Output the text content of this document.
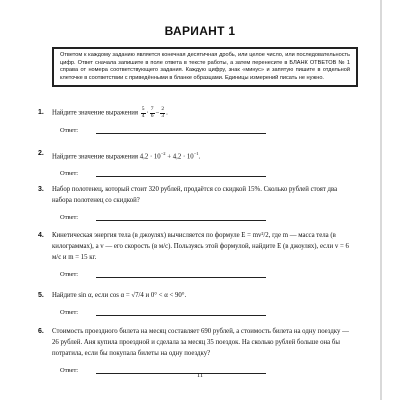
ВАРИАНТ 1
Ответом к каждому заданию является конечная десятичная дробь, или целое число, или последовательность цифр. Ответ сначала запишите в поле ответа в тексте работы, а затем перенесите в БЛАНК ОТВЕТОВ № 1 справа от номера соответствующего задания. Каждую цифру, знак «минус» и запятую пишите в отдельной клеточке в соответствии с приведёнными в бланке образцами. Единицы измерений писать не нужно.
1. Найдите значение выражения $\frac{5}{4} \cdot \frac{7}{6} - \frac{2}{3}$ .
Ответ:
2. Найдите значение выражения $4,2 \cdot 10^{-2} + 4,2 \cdot 10^{-1}$.
Ответ:
3. Набор полотенец, который стоит 320 рублей, продаётся со скидкой 15%. Сколько рублей стоят два набора полотенец со скидкой?
Ответ:
4. Кинетическая энергия тела (в джоулях) вычисляется по формуле E = mv²/2, где m — масса тела (в килограммах), а v — его скорость (в м/с). Пользуясь этой формулой, найдите E (в джоулях), если v = 6 м/с и m = 15 кг.
Ответ:
5. Найдите sin α, если cos α = √7/4 и 0° < α < 90°.
Ответ:
6. Стоимость проездного билета на месяц составляет 690 рублей, а стоимость билета на одну поездку — 26 рублей. Аня купила проездной и сделала за месяц 35 поездок. На сколько рублей больше она бы потратила, если бы покупала билеты на одну поездку?
Ответ:
11
